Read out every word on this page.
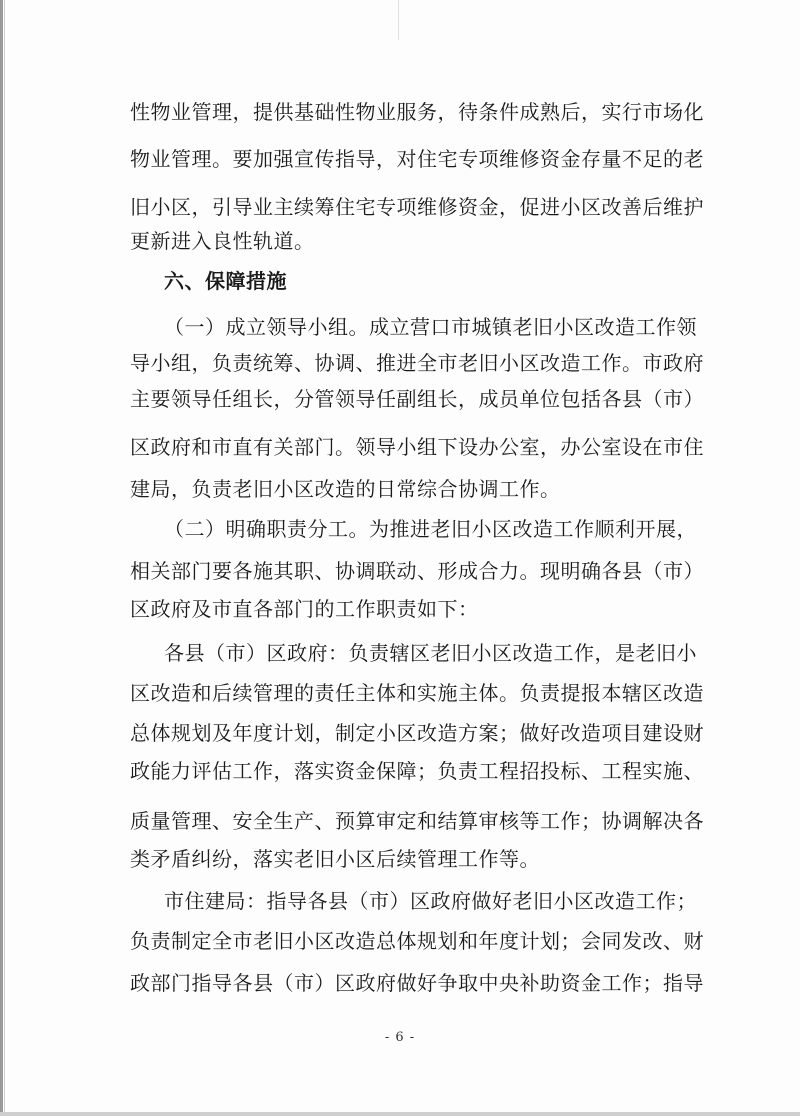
性物业管理，提供基础性物业服务，待条件成熟后，实行市场化
物业管理。要加强宣传指导，对住宅专项维修资金存量不足的老
旧小区，引导业主续筹住宅专项维修资金，促进小区改善后维护
更新进入良性轨道。
六、保障措施
（一）成立领导小组。成立营口市城镇老旧小区改造工作领
导小组，负责统筹、协调、推进全市老旧小区改造工作。市政府
主要领导任组长，分管领导任副组长，成员单位包括各县（市）
区政府和市直有关部门。领导小组下设办公室，办公室设在市住
建局，负责老旧小区改造的日常综合协调工作。
（二）明确职责分工。为推进老旧小区改造工作顺利开展，
相关部门要各施其职、协调联动、形成合力。现明确各县（市）
区政府及市直各部门的工作职责如下：
各县（市）区政府：负责辖区老旧小区改造工作，是老旧小
区改造和后续管理的责任主体和实施主体。负责提报本辖区改造
总体规划及年度计划，制定小区改造方案；做好改造项目建设财
政能力评估工作，落实资金保障；负责工程招投标、工程实施、
质量管理、安全生产、预算审定和结算审核等工作；协调解决各
类矛盾纠纷，落实老旧小区后续管理工作等。
市住建局：指导各县（市）区政府做好老旧小区改造工作；
负责制定全市老旧小区改造总体规划和年度计划；会同发改、财
政部门指导各县（市）区政府做好争取中央补助资金工作；指导
- 6 -
